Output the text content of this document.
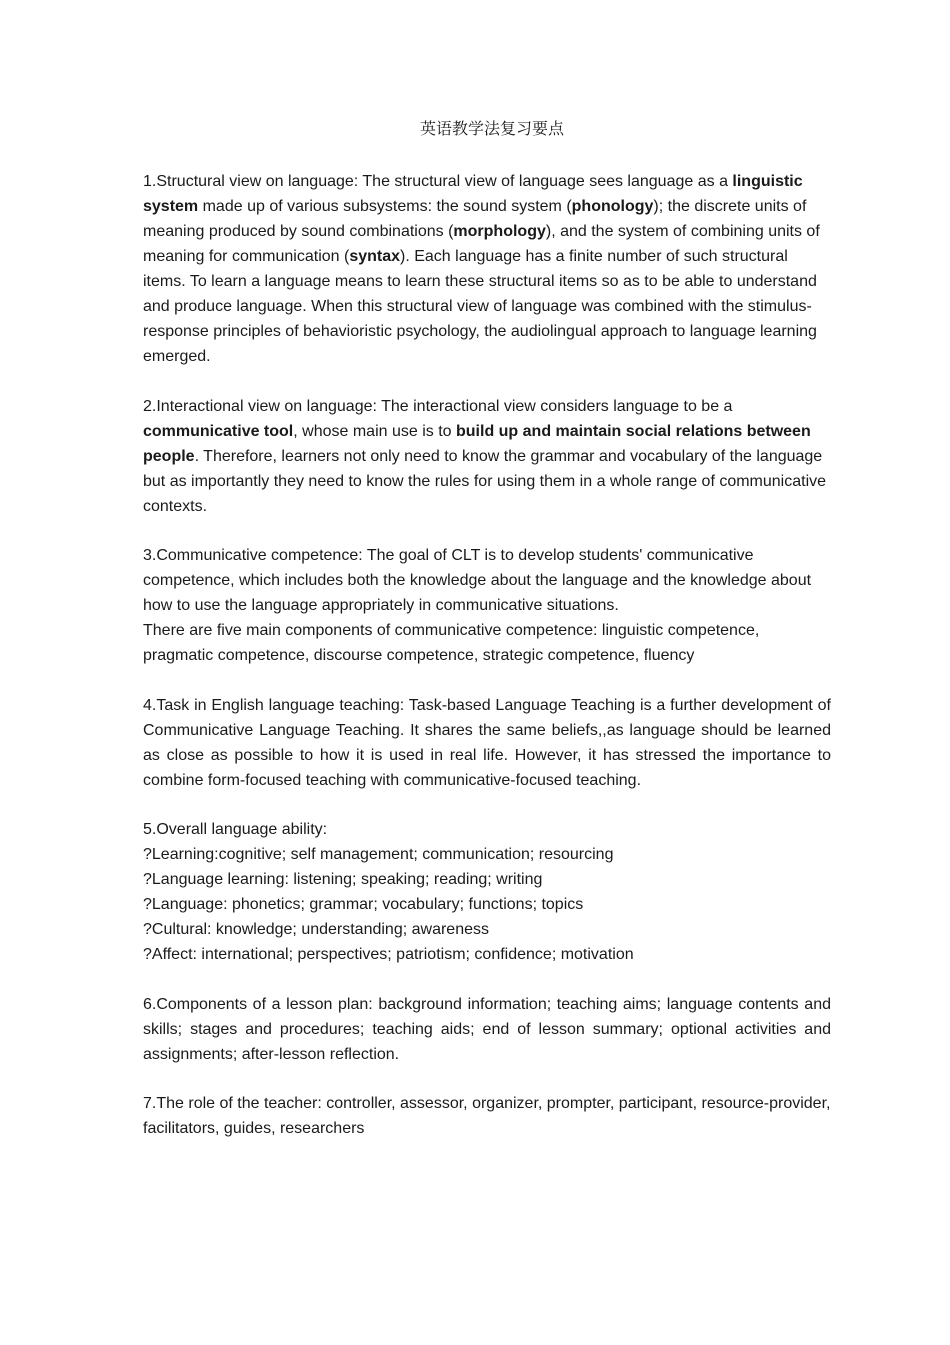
英语教学法复习要点

1.Structural view on language: The structural view of language sees language as a linguistic system made up of various subsystems: the sound system (phonology); the discrete units of meaning produced by sound combinations (morphology), and the system of combining units of meaning for communication (syntax). Each language has a finite number of such structural items. To learn a language means to learn these structural items so as to be able to understand and produce language. When this structural view of language was combined with the stimulus-response principles of behavioristic psychology, the audiolingual approach to language learning emerged.

2.Interactional view on language: The interactional view considers language to be a communicative tool, whose main use is to build up and maintain social relations between people. Therefore, learners not only need to know the grammar and vocabulary of the language but as importantly they need to know the rules for using them in a whole range of communicative contexts.

3.Communicative competence: The goal of CLT is to develop students' communicative competence, which includes both the knowledge about the language and the knowledge about how to use the language appropriately in communicative situations.

There are five main components of communicative competence: linguistic competence, pragmatic competence, discourse competence, strategic competence, fluency

4.Task in English language teaching: Task-based Language Teaching is a further development of Communicative Language Teaching. It shares the same beliefs,,as language should be learned as close as possible to how it is used in real life. However, it has stressed the importance to combine form-focused teaching with communicative-focused teaching.

5.Overall language ability:

?Learning:cognitive; self management; communication; resourcing

?Language learning: listening; speaking; reading; writing

?Language: phonetics; grammar; vocabulary; functions; topics

?Cultural: knowledge; understanding; awareness

?Affect: international; perspectives; patriotism; confidence; motivation

6.Components of a lesson plan: background information; teaching aims; language contents and skills; stages and procedures; teaching aids; end of lesson summary; optional activities and assignments; after-lesson reflection.

7.The role of the teacher: controller, assessor, organizer, prompter, participant, resource-provider, facilitators, guides, researchers
